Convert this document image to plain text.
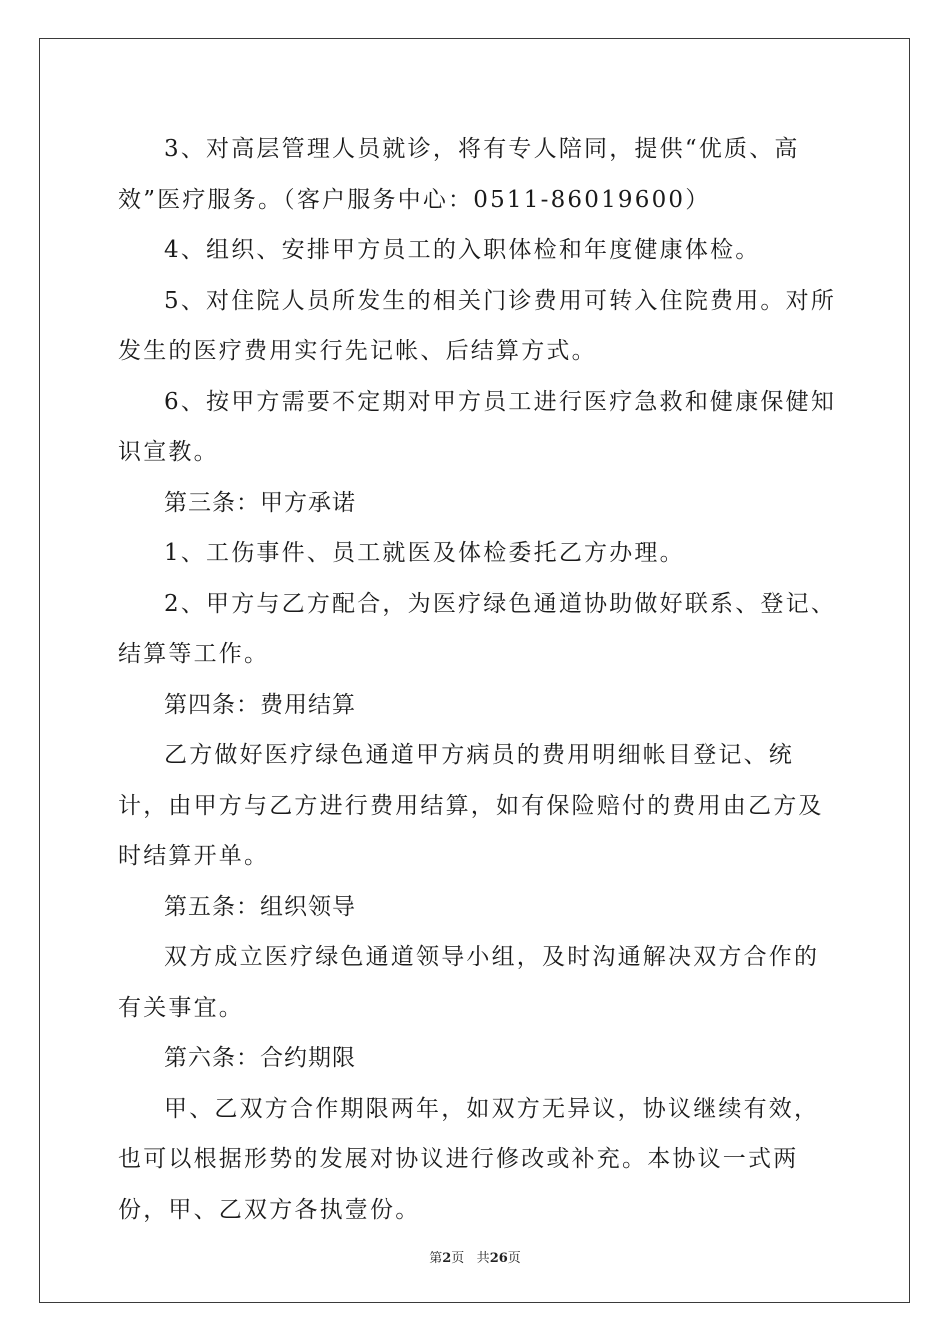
3、对高层管理人员就诊，将有专人陪同，提供“优质、高效”医疗服务。（客户服务中心：0511-86019600）

4、组织、安排甲方员工的入职体检和年度健康体检。

5、对住院人员所发生的相关门诊费用可转入住院费用。对所发生的医疗费用实行先记帐、后结算方式。

6、按甲方需要不定期对甲方员工进行医疗急救和健康保健知识宣教。

第三条：甲方承诺

1、工伤事件、员工就医及体检委托乙方办理。

2、甲方与乙方配合，为医疗绿色通道协助做好联系、登记、结算等工作。

第四条：费用结算

乙方做好医疗绿色通道甲方病员的费用明细帐目登记、统计，由甲方与乙方进行费用结算，如有保险赔付的费用由乙方及时结算开单。

第五条：组织领导

双方成立医疗绿色通道领导小组，及时沟通解决双方合作的有关事宜。

第六条：合约期限

甲、乙双方合作期限两年，如双方无异议，协议继续有效，也可以根据形势的发展对协议进行修改或补充。本协议一式两份，甲、乙双方各执壹份。

第2页 共26页
